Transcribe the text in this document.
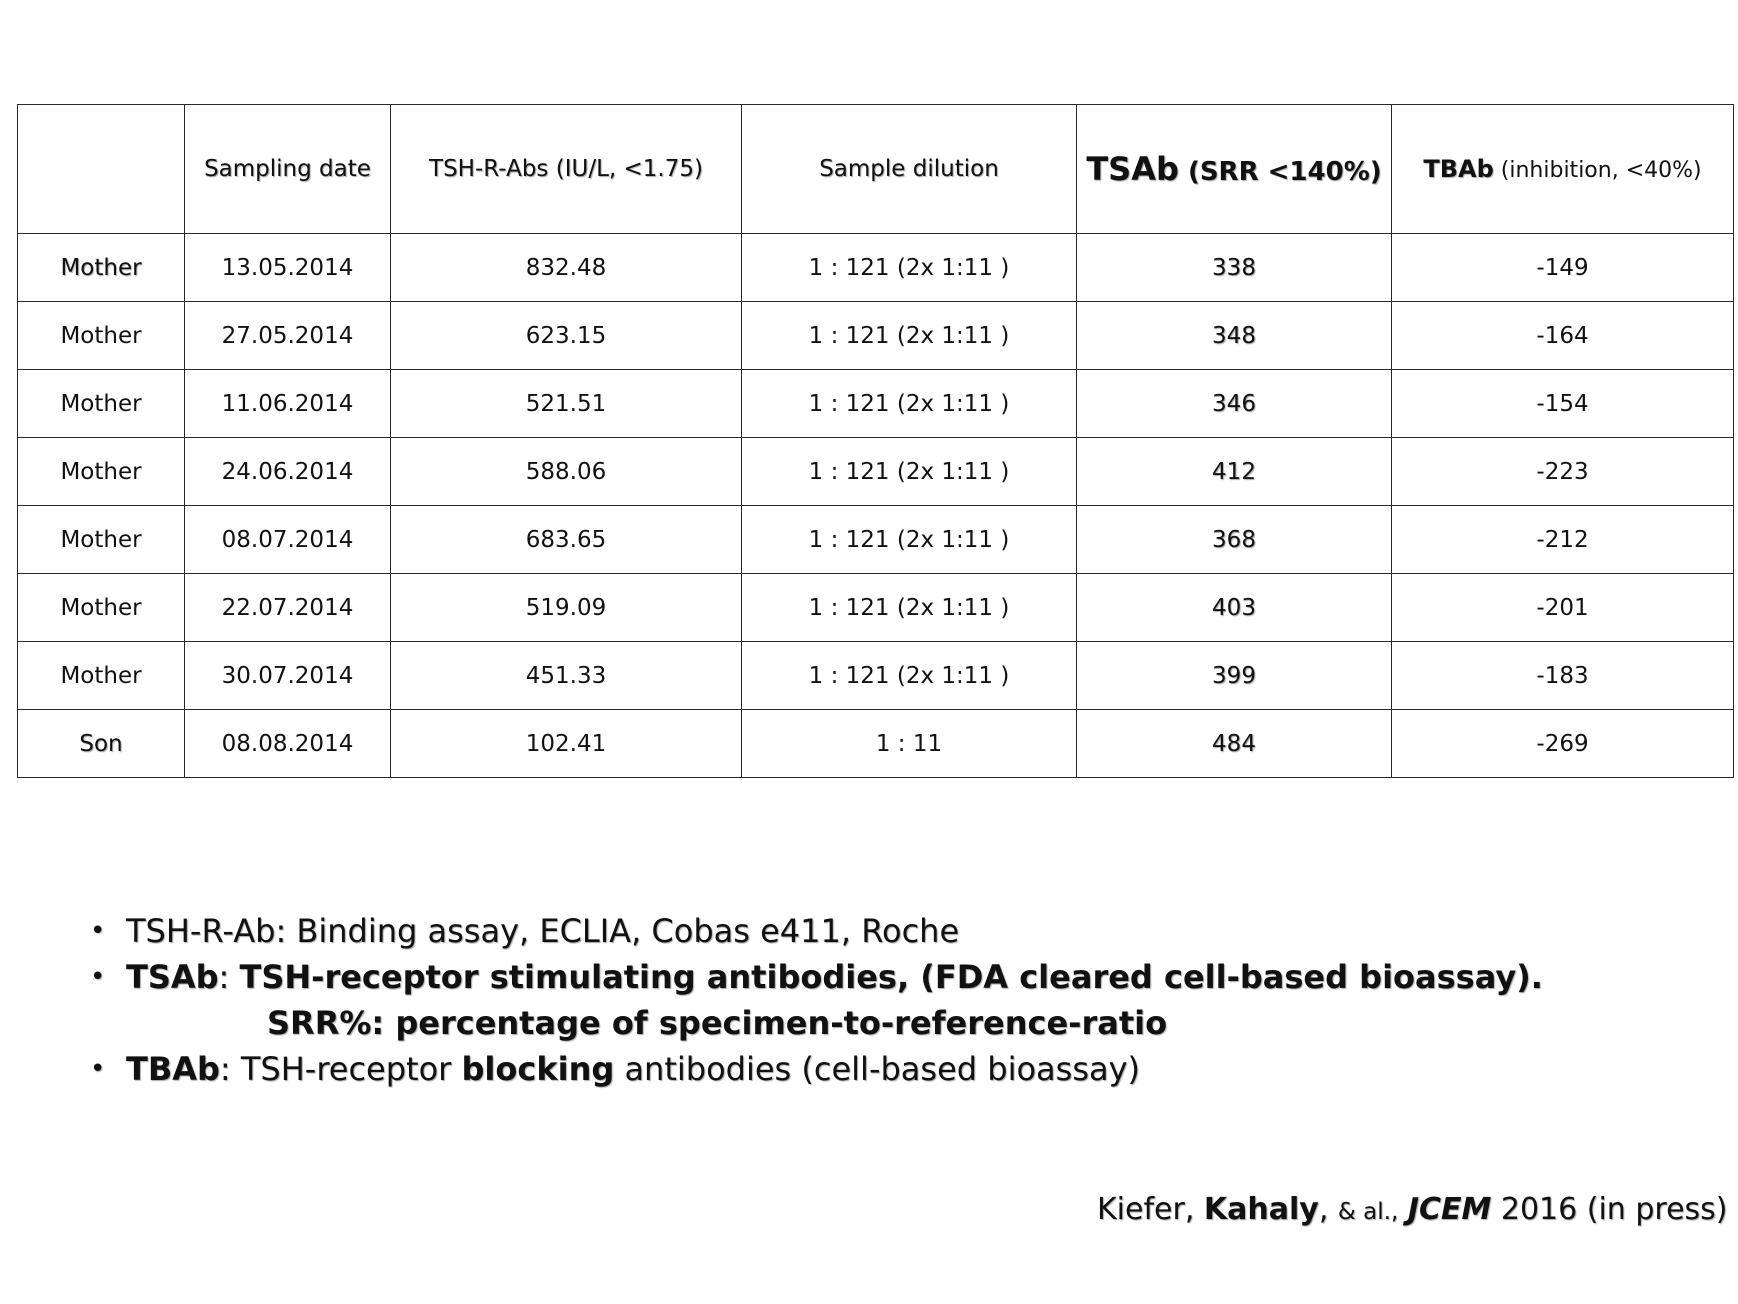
	Sampling date	TSH-R-Abs (IU/L, <1.75)	Sample dilution	TSAb (SRR <140%)	TBAb (inhibition, <40%)
Mother	13.05.2014	832.48	1 : 121 (2x 1:11 )	338	-149
Mother	27.05.2014	623.15	1 : 121 (2x 1:11 )	348	-164
Mother	11.06.2014	521.51	1 : 121 (2x 1:11 )	346	-154
Mother	24.06.2014	588.06	1 : 121 (2x 1:11 )	412	-223
Mother	08.07.2014	683.65	1 : 121 (2x 1:11 )	368	-212
Mother	22.07.2014	519.09	1 : 121 (2x 1:11 )	403	-201
Mother	30.07.2014	451.33	1 : 121 (2x 1:11 )	399	-183
Son	08.08.2014	102.41	1 : 11	484	-269
• TSH-R-Ab: Binding assay, ECLIA, Cobas e411, Roche
• TSAb: TSH-receptor stimulating antibodies, (FDA cleared cell-based bioassay).
SRR%: percentage of specimen-to-reference-ratio
• TBAb: TSH-receptor blocking antibodies (cell-based bioassay)
Kiefer, Kahaly, & al., JCEM 2016 (in press)
